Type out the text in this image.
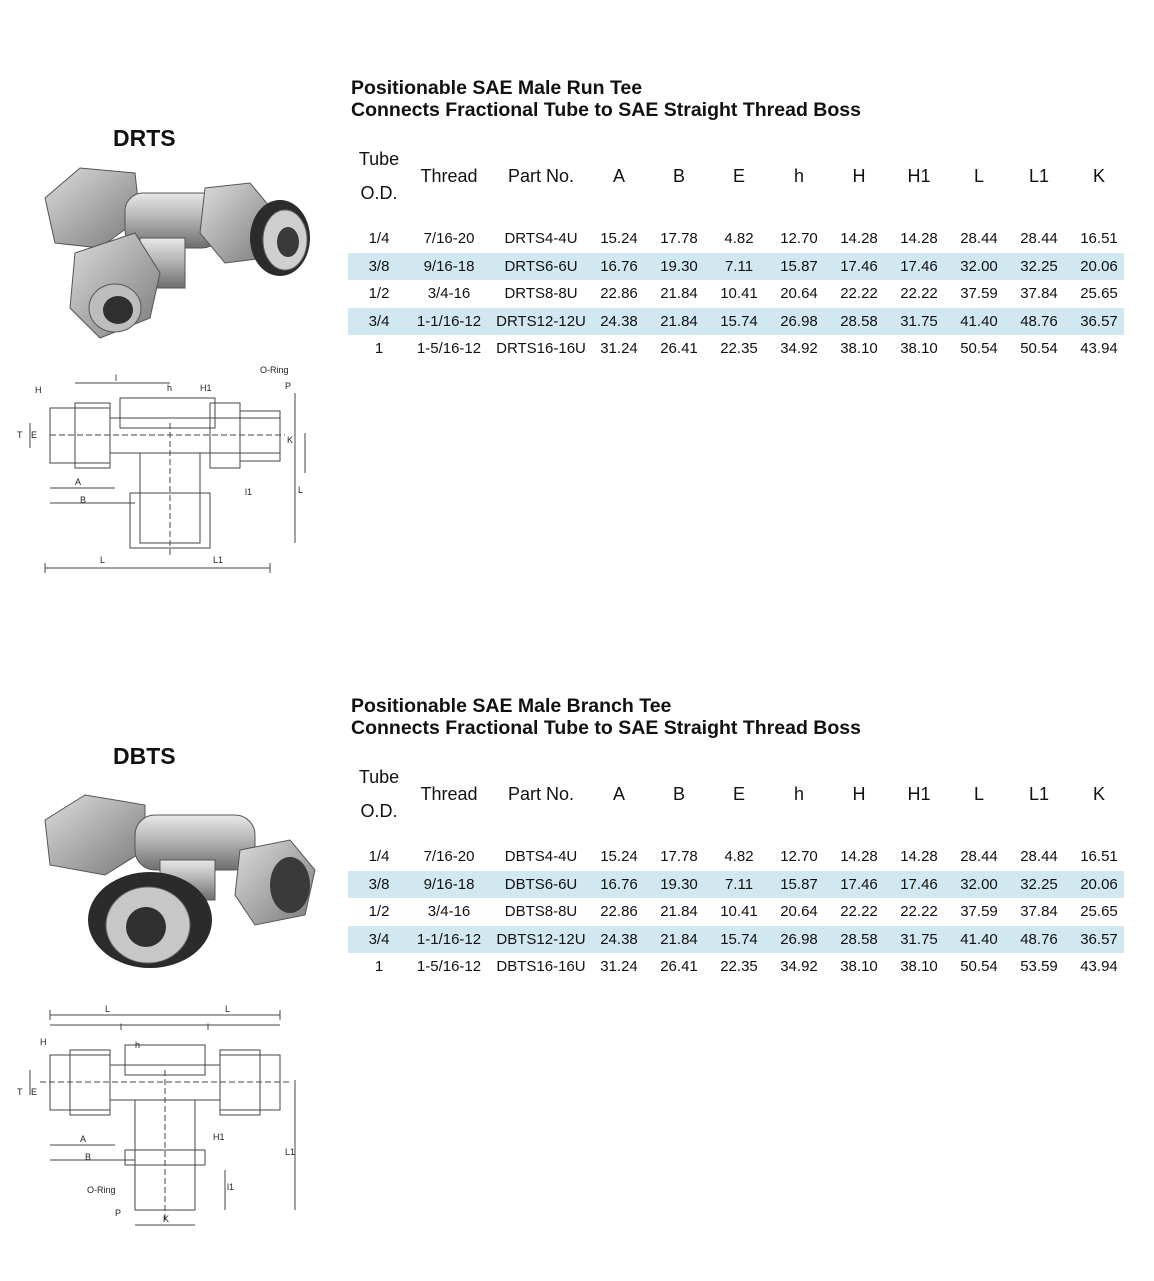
DRTS
Positionable SAE Male Run Tee
Connects Fractional Tube to SAE Straight Thread Boss
H
l
h	H1
O-Ring
P
T E	K
A
B
l1	L
L	L1
Tube
O.D.	Thread	Part No.	A	B	E	h	H	H1	L	L1	K

1/4	7/16-20	DRTS4-4U	15.24	17.78	4.82	12.70	14.28	14.28	28.44	28.44	16.51
3/8	9/16-18	DRTS6-6U	16.76	19.30	7.11	15.87	17.46	17.46	32.00	32.25	20.06
1/2	3/4-16	DRTS8-8U	22.86	21.84	10.41	20.64	22.22	22.22	37.59	37.84	25.65
3/4	1-1/16-12	DRTS12-12U	24.38	21.84	15.74	26.98	28.58	31.75	41.40	48.76	36.57
1	1-5/16-12	DRTS16-16U	31.24	26.41	22.35	34.92	38.10	38.10	50.54	50.54	43.94
DBTS
Positionable SAE Male Branch Tee
Connects Fractional Tube to SAE Straight Thread Boss
L	L
l	l
H	h
T E
A
B
H1
L1
l1
O-Ring
P
K
Tube
O.D.	Thread	Part No.	A	B	E	h	H	H1	L	L1	K

1/4	7/16-20	DBTS4-4U	15.24	17.78	4.82	12.70	14.28	14.28	28.44	28.44	16.51
3/8	9/16-18	DBTS6-6U	16.76	19.30	7.11	15.87	17.46	17.46	32.00	32.25	20.06
1/2	3/4-16	DBTS8-8U	22.86	21.84	10.41	20.64	22.22	22.22	37.59	37.84	25.65
3/4	1-1/16-12	DBTS12-12U	24.38	21.84	15.74	26.98	28.58	31.75	41.40	48.76	36.57
1	1-5/16-12	DBTS16-16U	31.24	26.41	22.35	34.92	38.10	38.10	50.54	53.59	43.94
